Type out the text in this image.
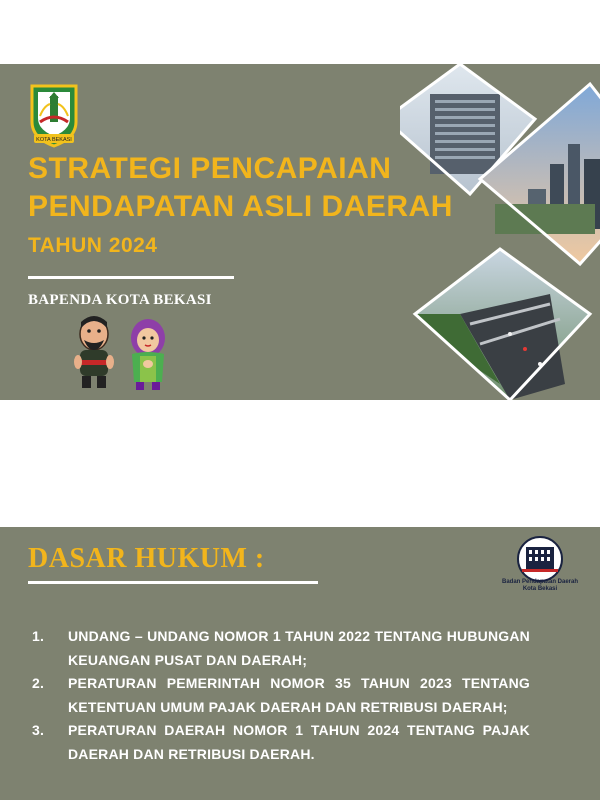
KOTA BEKASI
STRATEGI PENCAPAIAN
PENDAPATAN ASLI DAERAH
TAHUN 2024
BAPENDA KOTA BEKASI
DASAR HUKUM :
Badan Pendapatan Daerah Kota Bekasi
1. UNDANG – UNDANG NOMOR 1 TAHUN 2022 TENTANG HUBUNGAN KEUANGAN PUSAT DAN DAERAH;
2. PERATURAN PEMERINTAH NOMOR 35 TAHUN 2023 TENTANG KETENTUAN UMUM PAJAK DAERAH DAN RETRIBUSI DAERAH;
3. PERATURAN DAERAH NOMOR 1 TAHUN 2024 TENTANG PAJAK DAERAH DAN RETRIBUSI DAERAH.
